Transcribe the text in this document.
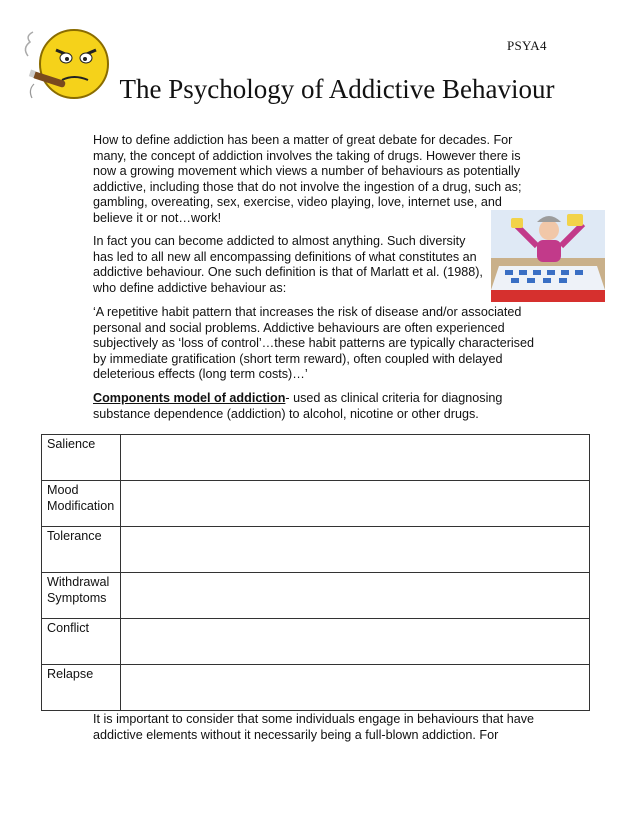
PSYA4
The Psychology of Addictive Behaviour

How to define addiction has been a matter of great debate for decades. For many, the concept of addiction involves the taking of drugs. However there is now a growing movement which views a number of behaviours as potentially addictive, including those that do not involve the ingestion of a drug, such as; gambling, overeating, sex, exercise, video playing, love, internet use, and believe it or not…work!

In fact you can become addicted to almost anything. Such diversity has led to all new all encompassing definitions of what constitutes an addictive behaviour. One such definition is that of Marlatt et al. (1988), who define addictive behaviour as:

‘A repetitive habit pattern that increases the risk of disease and/or associated personal and social problems. Addictive behaviours are often experienced subjectively as ‘loss of control’…these habit patterns are typically characterised by immediate gratification (short term reward), often coupled with delayed deleterious effects (long term costs)…’

Components model of addiction- used as clinical criteria for diagnosing substance dependence (addiction) to alcohol, nicotine or other drugs.

Salience	
Mood Modification	
Tolerance	
Withdrawal Symptoms	
Conflict	
Relapse	

It is important to consider that some individuals engage in behaviours that have addictive elements without it necessarily being a full-blown addiction. For
